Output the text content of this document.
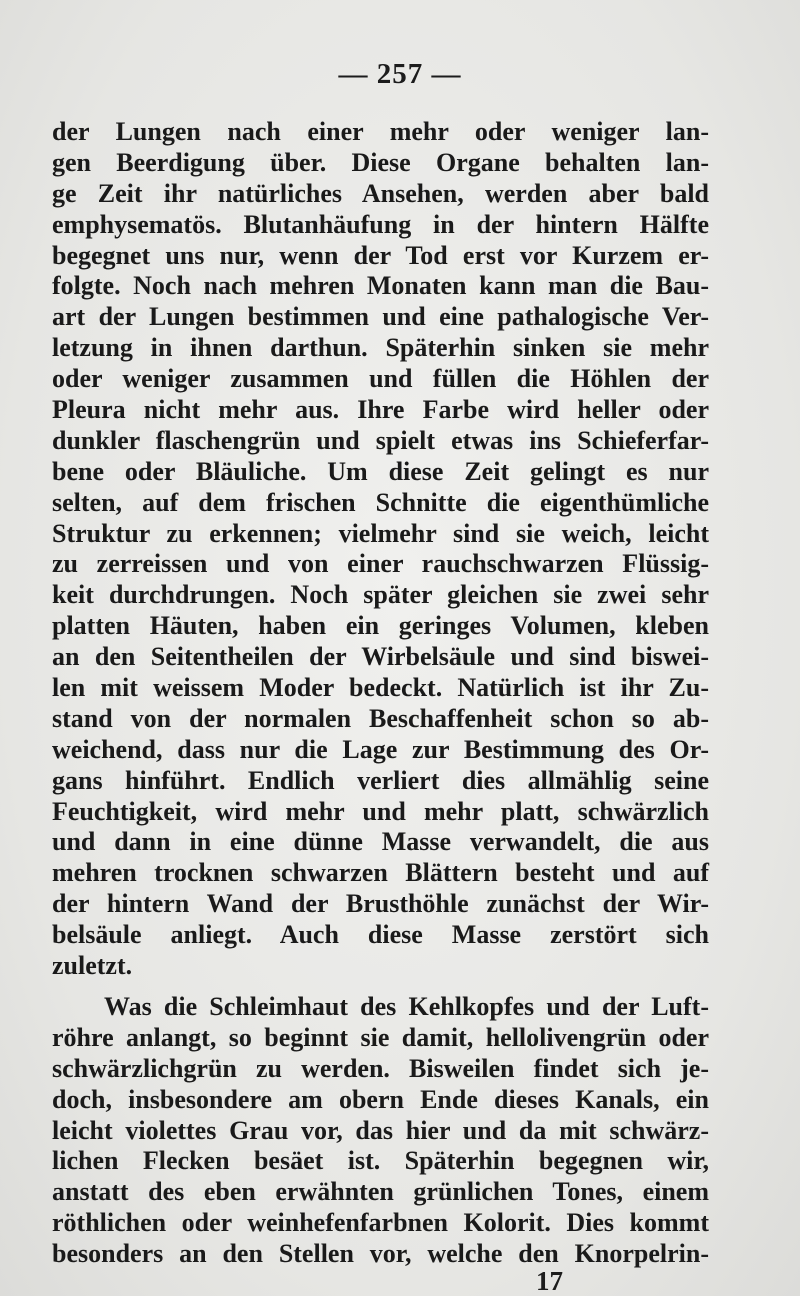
— 257 —
der Lungen nach einer mehr oder weniger lan-
gen Beerdigung über. Diese Organe behalten lan-
ge Zeit ihr natürliches Ansehen, werden aber bald
emphysematös. Blutanhäufung in der hintern Hälfte
begegnet uns nur, wenn der Tod erst vor Kurzem er-
folgte. Noch nach mehren Monaten kann man die Bau-
art der Lungen bestimmen und eine pathalogische Ver-
letzung in ihnen darthun. Späterhin sinken sie mehr
oder weniger zusammen und füllen die Höhlen der
Pleura nicht mehr aus. Ihre Farbe wird heller oder
dunkler flaschengrün und spielt etwas ins Schieferfar-
bene oder Bläuliche. Um diese Zeit gelingt es nur
selten, auf dem frischen Schnitte die eigenthümliche
Struktur zu erkennen; vielmehr sind sie weich, leicht
zu zerreissen und von einer rauchschwarzen Flüssig-
keit durchdrungen. Noch später gleichen sie zwei sehr
platten Häuten, haben ein geringes Volumen, kleben
an den Seitentheilen der Wirbelsäule und sind biswei-
len mit weissem Moder bedeckt. Natürlich ist ihr Zu-
stand von der normalen Beschaffenheit schon so ab-
weichend, dass nur die Lage zur Bestimmung des Or-
gans hinführt. Endlich verliert dies allmählig seine
Feuchtigkeit, wird mehr und mehr platt, schwärzlich
und dann in eine dünne Masse verwandelt, die aus
mehren trocknen schwarzen Blättern besteht und auf
der hintern Wand der Brusthöhle zunächst der Wir-
belsäule anliegt. Auch diese Masse zerstört sich
zuletzt.
Was die Schleimhaut des Kehlkopfes und der Luft-
röhre anlangt, so beginnt sie damit, hellolivengrün oder
schwärzlichgrün zu werden. Bisweilen findet sich je-
doch, insbesondere am obern Ende dieses Kanals, ein
leicht violettes Grau vor, das hier und da mit schwärz-
lichen Flecken besäet ist. Späterhin begegnen wir,
anstatt des eben erwähnten grünlichen Tones, einem
röthlichen oder weinhefenfarbnen Kolorit. Dies kommt
besonders an den Stellen vor, welche den Knorpelrin-
17
